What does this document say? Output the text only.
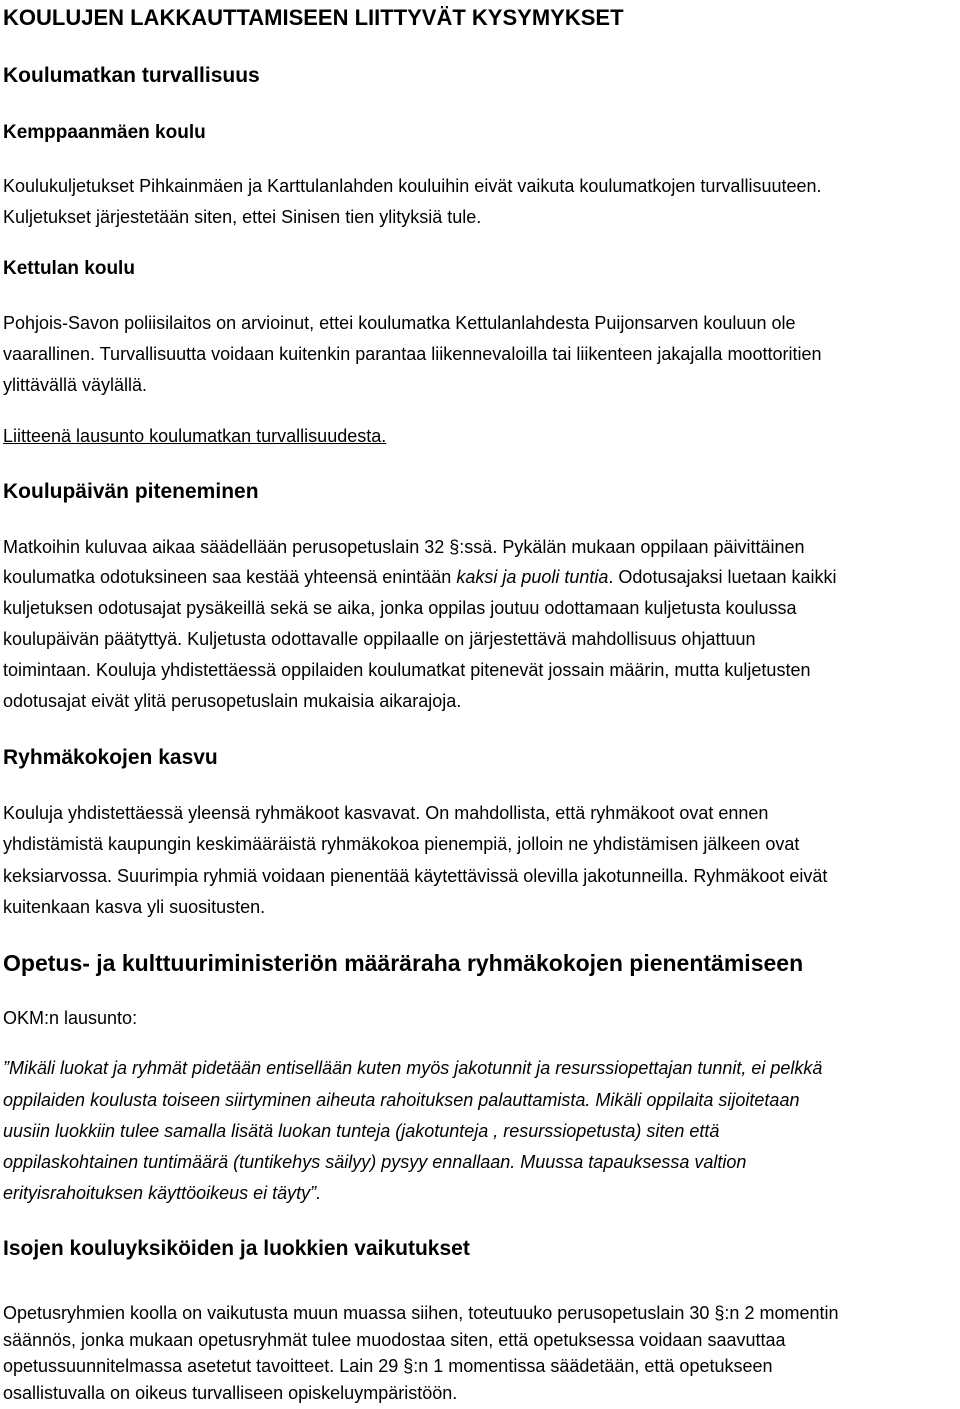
KOULUJEN LAKKAUTTAMISEEN LIITTYVÄT KYSYMYKSET
Koulumatkan turvallisuus
Kemppaanmäen koulu
Koulukuljetukset Pihkainmäen ja Karttulanlahden kouluihin eivät vaikuta koulumatkojen turvallisuuteen.
Kuljetukset järjestetään siten, ettei Sinisen tien ylityksiä tule.
Kettulan koulu
Pohjois-Savon poliisilaitos on arvioinut, ettei koulumatka Kettulanlahdesta Puijonsarven kouluun ole
vaarallinen. Turvallisuutta voidaan kuitenkin parantaa liikennevaloilla tai liikenteen jakajalla moottoritien
ylittävällä väylällä.
Liitteenä lausunto koulumatkan turvallisuudesta.
Koulupäivän piteneminen
Matkoihin kuluvaa aikaa säädellään perusopetuslain 32 §:ssä. Pykälän mukaan oppilaan päivittäinen
koulumatka odotuksineen saa kestää yhteensä enintään kaksi ja puoli tuntia. Odotusajaksi luetaan kaikki
kuljetuksen odotusajat pysäkeillä sekä se aika, jonka oppilas joutuu odottamaan kuljetusta koulussa
koulupäivän päätyttyä. Kuljetusta odottavalle oppilaalle on järjestettävä mahdollisuus ohjattuun
toimintaan. Kouluja yhdistettäessä oppilaiden koulumatkat pitenevät jossain määrin, mutta kuljetusten
odotusajat eivät ylitä perusopetuslain mukaisia aikarajoja.
Ryhmäkokojen kasvu
Kouluja yhdistettäessä yleensä ryhmäkoot kasvavat. On mahdollista, että ryhmäkoot ovat ennen
yhdistämistä kaupungin keskimääräistä ryhmäkokoa pienempiä, jolloin ne yhdistämisen jälkeen ovat
keksiarvossa. Suurimpia ryhmiä voidaan pienentää käytettävissä olevilla jakotunneilla. Ryhmäkoot eivät
kuitenkaan kasva yli suositusten.
Opetus- ja kulttuuriministeriön määräraha ryhmäkokojen pienentämiseen
OKM:n lausunto:
”Mikäli luokat ja ryhmät pidetään entisellään kuten myös jakotunnit ja resurssiopettajan tunnit, ei pelkkä
oppilaiden koulusta toiseen siirtyminen aiheuta rahoituksen palauttamista. Mikäli oppilaita sijoitetaan
uusiin luokkiin tulee samalla lisätä luokan tunteja (jakotunteja , resurssiopetusta) siten että
oppilaskohtainen tuntimäärä (tuntikehys säilyy) pysyy ennallaan. Muussa tapauksessa valtion
erityisrahoituksen käyttöoikeus ei täyty”.
Isojen kouluyksiköiden ja luokkien vaikutukset
Opetusryhmien koolla on vaikutusta muun muassa siihen, toteutuuko perusopetuslain 30 §:n 2 momentin
säännös, jonka mukaan opetusryhmät tulee muodostaa siten, että opetuksessa voidaan saavuttaa
opetussuunnitelmassa asetetut tavoitteet. Lain 29 §:n 1 momentissa säädetään, että opetukseen
osallistuvalla on oikeus turvalliseen opiskeluympäristöön.
